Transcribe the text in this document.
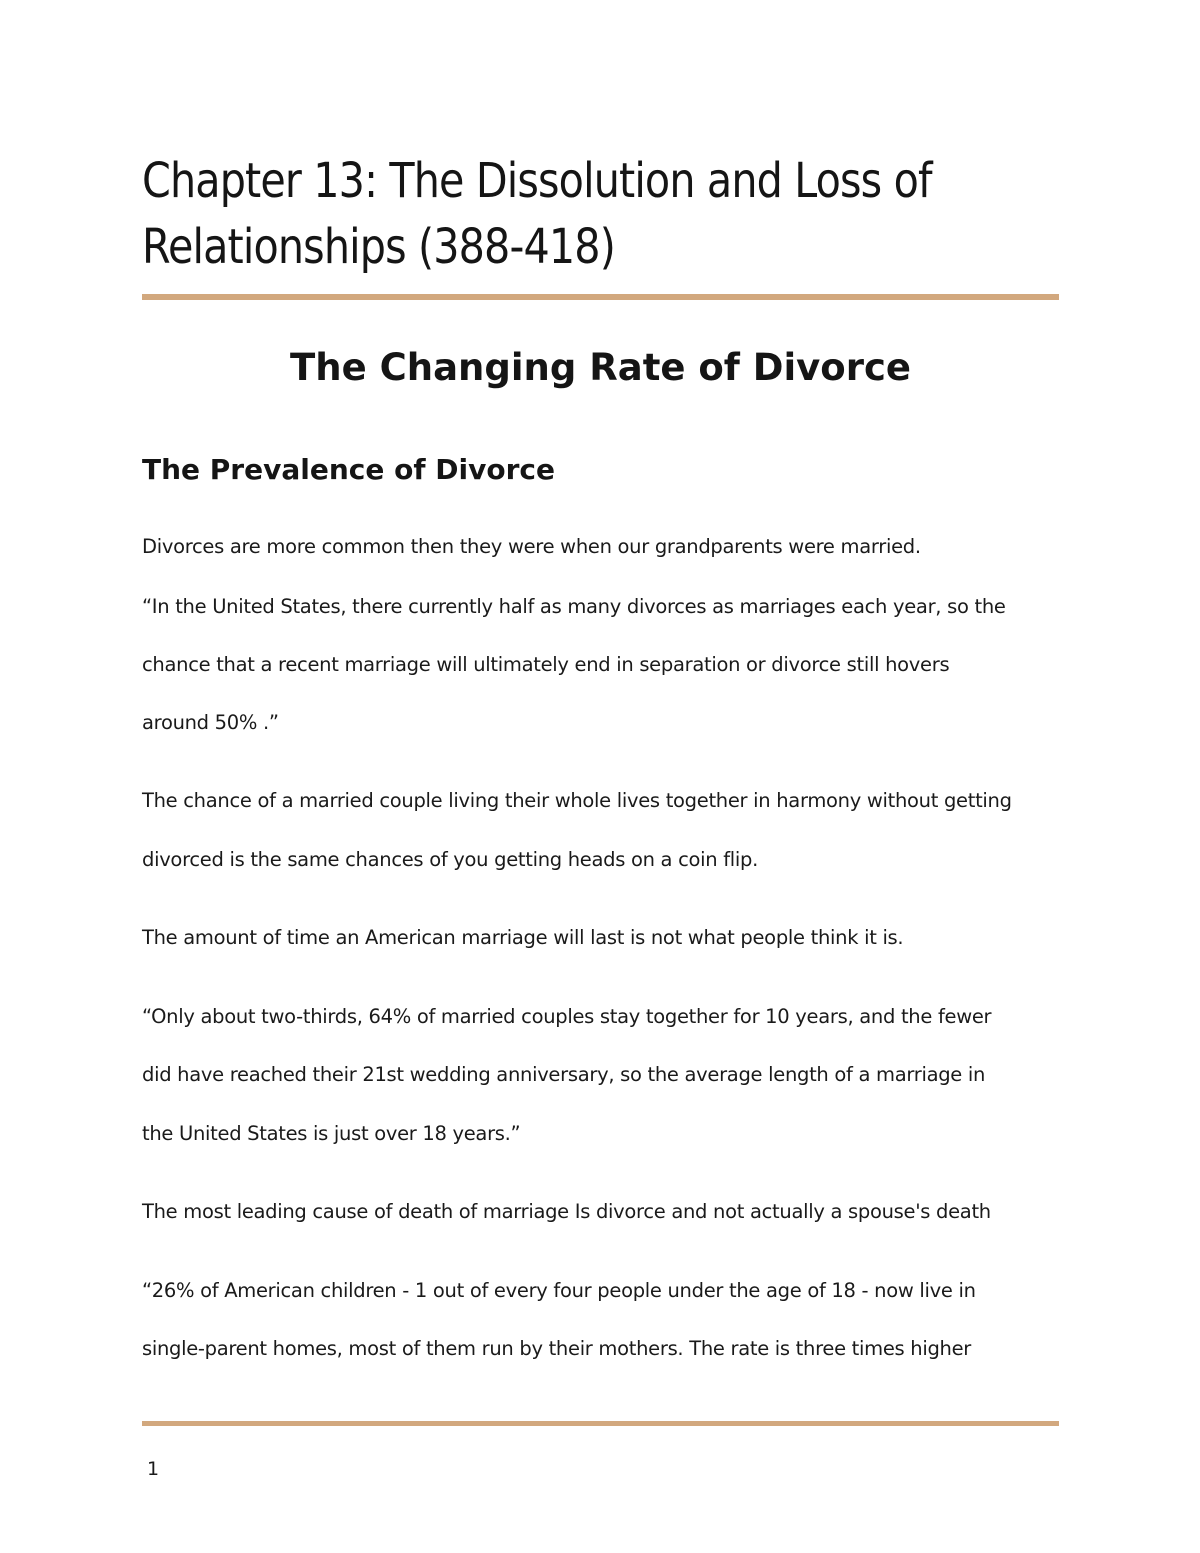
Chapter 13: The Dissolution and Loss of
Relationships (388-418)
The Changing Rate of Divorce
The Prevalence of Divorce
Divorces are more common then they were when our grandparents were married.
“In the United States, there currently half as many divorces as marriages each year, so the
chance that a recent marriage will ultimately end in separation or divorce still hovers
around 50% .”
The chance of a married couple living their whole lives together in harmony without getting
divorced is the same chances of you getting heads on a coin flip.
The amount of time an American marriage will last is not what people think it is.
“Only about two-thirds, 64% of married couples stay together for 10 years, and the fewer
did have reached their 21st wedding anniversary, so the average length of a marriage in
the United States is just over 18 years.”
The most leading cause of death of marriage Is divorce and not actually a spouse's death
“26% of American children - 1 out of every four people under the age of 18 - now live in
single-parent homes, most of them run by their mothers. The rate is three times higher
1
